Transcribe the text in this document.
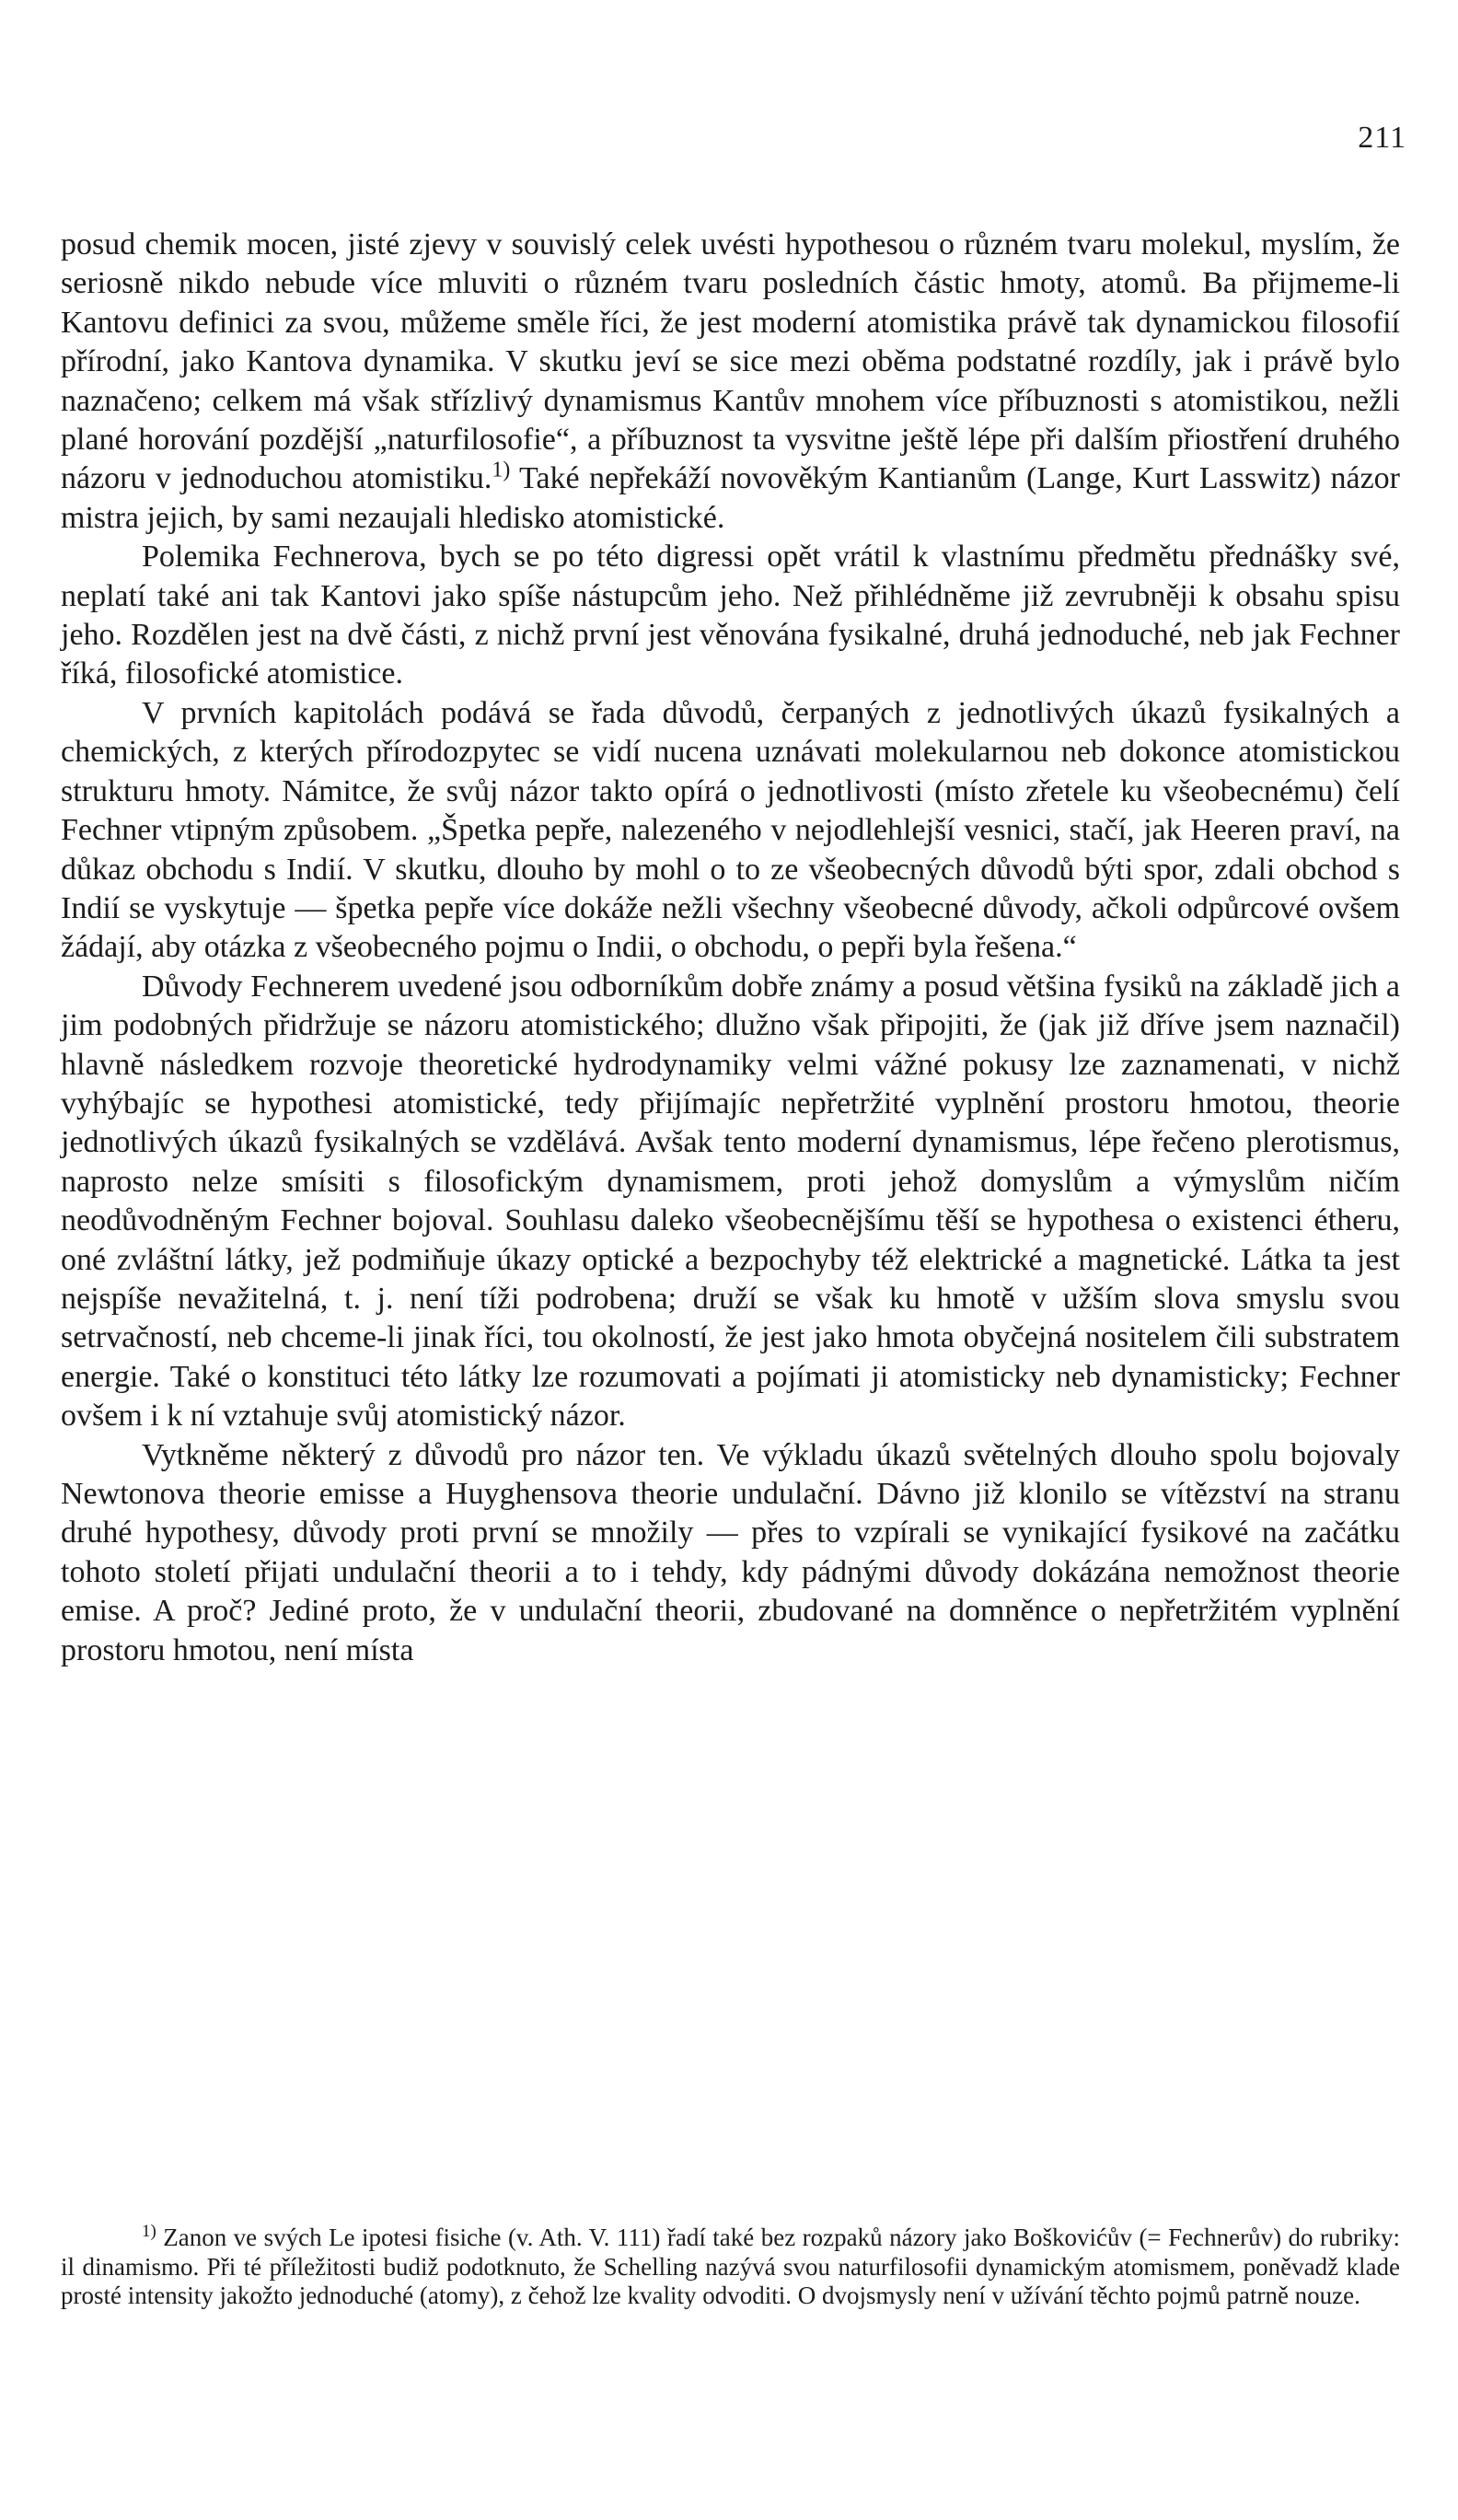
211

posud chemik mocen, jisté zjevy v souvislý celek uvésti hypothesou o různém tvaru molekul, myslím, že seriosně nikdo nebude více mluviti o různém tvaru posledních částic hmoty, atomů. Ba přijmeme-li Kantovu definici za svou, můžeme směle říci, že jest moderní atomistika právě tak dynamickou filosofií přírodní, jako Kantova dynamika. V skutku jeví se sice mezi oběma podstatné rozdíly, jak i právě bylo naznačeno; celkem má však střízlivý dynamismus Kantův mnohem více příbuznosti s atomistikou, nežli plané horování pozdější „naturfilosofie“, a příbuznost ta vysvitne ještě lépe při dalším přiostření druhého názoru v jednoduchou atomistiku.$^{1)}$ Také nepřekáží novověkým Kantianům (Lange, Kurt Lasswitz) názor mistra jejich, by sami nezaujali hledisko atomistické.

Polemika Fechnerova, bych se po této digressi opět vrátil k vlastnímu předmětu přednášky své, neplatí také ani tak Kantovi jako spíše nástupcům jeho. Než přihlédněme již zevrubněji k obsahu spisu jeho. Rozdělen jest na dvě části, z nichž první jest věnována fysikalné, druhá jednoduché, neb jak Fechner říká, filosofické atomistice.

V prvních kapitolách podává se řada důvodů, čerpaných z jednotlivých úkazů fysikalných a chemických, z kterých přírodozpytec se vidí nucena uznávati molekularnou neb dokonce atomistickou strukturu hmoty. Námitce, že svůj názor takto opírá o jednotlivosti (místo zřetele ku všeobecnému) čelí Fechner vtipným způsobem. „Špetka pepře, nalezeného v nejodlehlejší vesnici, stačí, jak Heeren praví, na důkaz obchodu s Indií. V skutku, dlouho by mohl o to ze všeobecných důvodů býti spor, zdali obchod s Indií se vyskytuje — špetka pepře více dokáže nežli všechny všeobecné důvody, ačkoli odpůrcové ovšem žádají, aby otázka z všeobecného pojmu o Indii, o obchodu, o pepři byla řešena.“

Důvody Fechnerem uvedené jsou odborníkům dobře známy a posud většina fysiků na základě jich a jim podobných přidržuje se názoru atomistického; dlužno však připojiti, že (jak již dříve jsem naznačil) hlavně následkem rozvoje theoretické hydrodynamiky velmi vážné pokusy lze zaznamenati, v nichž vyhýbajíc se hypothesi atomistické, tedy přijímajíc nepřetržité vyplnění prostoru hmotou, theorie jednotlivých úkazů fysikalných se vzdělává. Avšak tento moderní dynamismus, lépe řečeno plerotismus, naprosto nelze smísiti s filosofickým dynamismem, proti jehož domyslům a výmyslům ničím neodůvodněným Fechner bojoval. Souhlasu daleko všeobecnějšímu těší se hypothesa o existenci étheru, oné zvláštní látky, jež podmiňuje úkazy optické a bezpochyby též elektrické a magnetické. Látka ta jest nejspíše nevažitelná, t. j. není tíži podrobena; druží se však ku hmotě v užším slova smyslu svou setrvačností, neb chceme-li jinak říci, tou okolností, že jest jako hmota obyčejná nositelem čili substratem energie. Také o konstituci této látky lze rozumovati a pojímati ji atomisticky neb dynamisticky; Fechner ovšem i k ní vztahuje svůj atomistický názor.

Vytkněme některý z důvodů pro názor ten. Ve výkladu úkazů světelných dlouho spolu bojovaly Newtonova theorie emisse a Huyghensova theorie undulační. Dávno již klonilo se vítězství na stranu druhé hypothesy, důvody proti první se množily — přes to vzpírali se vynikající fysikové na začátku tohoto století přijati undulační theorii a to i tehdy, kdy pádnými důvody dokázána nemožnost theorie emise. A proč? Jediné proto, že v undulační theorii, zbudované na domněnce o nepřetržitém vyplnění prostoru hmotou, není místa

$^{1)}$ Zanon ve svých Le ipotesi fisiche (v. Ath. V. 111) řadí také bez rozpaků názory jako Boškovićův (= Fechnerův) do rubriky: il dinamismo. Při té příležitosti budiž podotknuto, že Schelling nazývá svou naturfilosofii dynamickým atomismem, poněvadž klade prosté intensity jakožto jednoduché (atomy), z čehož lze kvality odvoditi. O dvojsmysly není v užívání těchto pojmů patrně nouze.
